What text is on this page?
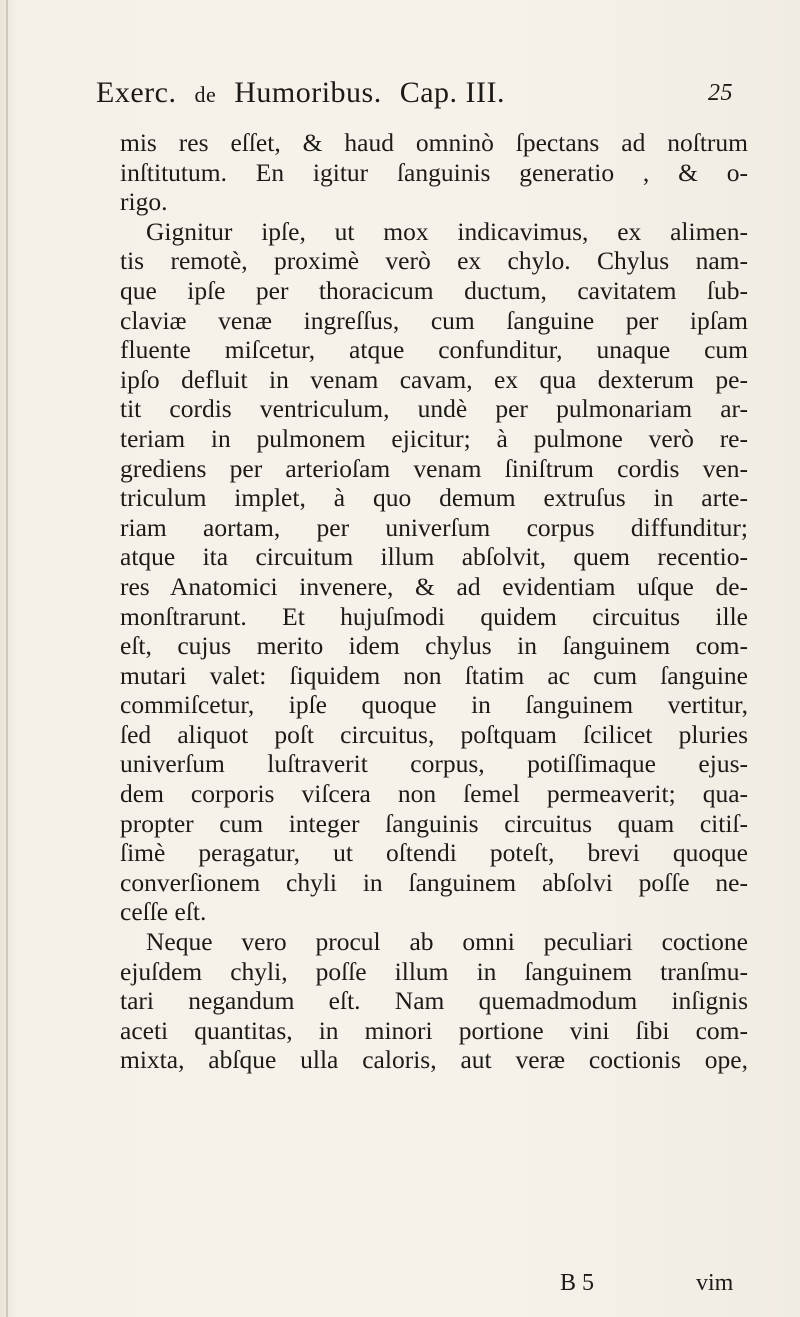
Exerc. de Humoribus. Cap. III.	25
mis res eſſet, & haud omninò ſpectans ad noſtrum
inſtitutum. En igitur ſanguinis generatio , & o-
rigo.
Gignitur ipſe, ut mox indicavimus, ex alimen-
tis remotè, proximè verò ex chylo. Chylus nam-
que ipſe per thoracicum ductum, cavitatem ſub-
claviæ venæ ingreſſus, cum ſanguine per ipſam
fluente miſcetur, atque confunditur, unaque cum
ipſo defluit in venam cavam, ex qua dexterum pe-
tit cordis ventriculum, undè per pulmonariam ar-
teriam in pulmonem ejicitur; à pulmone verò re-
grediens per arterioſam venam ſiniſtrum cordis ven-
triculum implet, à quo demum extruſus in arte-
riam aortam, per univerſum corpus diffunditur;
atque ita circuitum illum abſolvit, quem recentio-
res Anatomici invenere, & ad evidentiam uſque de-
monſtrarunt. Et hujuſmodi quidem circuitus ille
eſt, cujus merito idem chylus in ſanguinem com-
mutari valet: ſiquidem non ſtatim ac cum ſanguine
commiſcetur, ipſe quoque in ſanguinem vertitur,
ſed aliquot poſt circuitus, poſtquam ſcilicet pluries
univerſum luſtraverit corpus, potiſſimaque ejus-
dem corporis viſcera non ſemel permeaverit; qua-
propter cum integer ſanguinis circuitus quam citiſ-
ſimè peragatur, ut oſtendi poteſt, brevi quoque
converſionem chyli in ſanguinem abſolvi poſſe ne-
ceſſe eſt.
Neque vero procul ab omni peculiari coctione
ejuſdem chyli, poſſe illum in ſanguinem tranſmu-
tari negandum eſt. Nam quemadmodum inſignis
aceti quantitas, in minori portione vini ſibi com-
mixta, abſque ulla caloris, aut veræ coctionis ope,
B 5	vim
